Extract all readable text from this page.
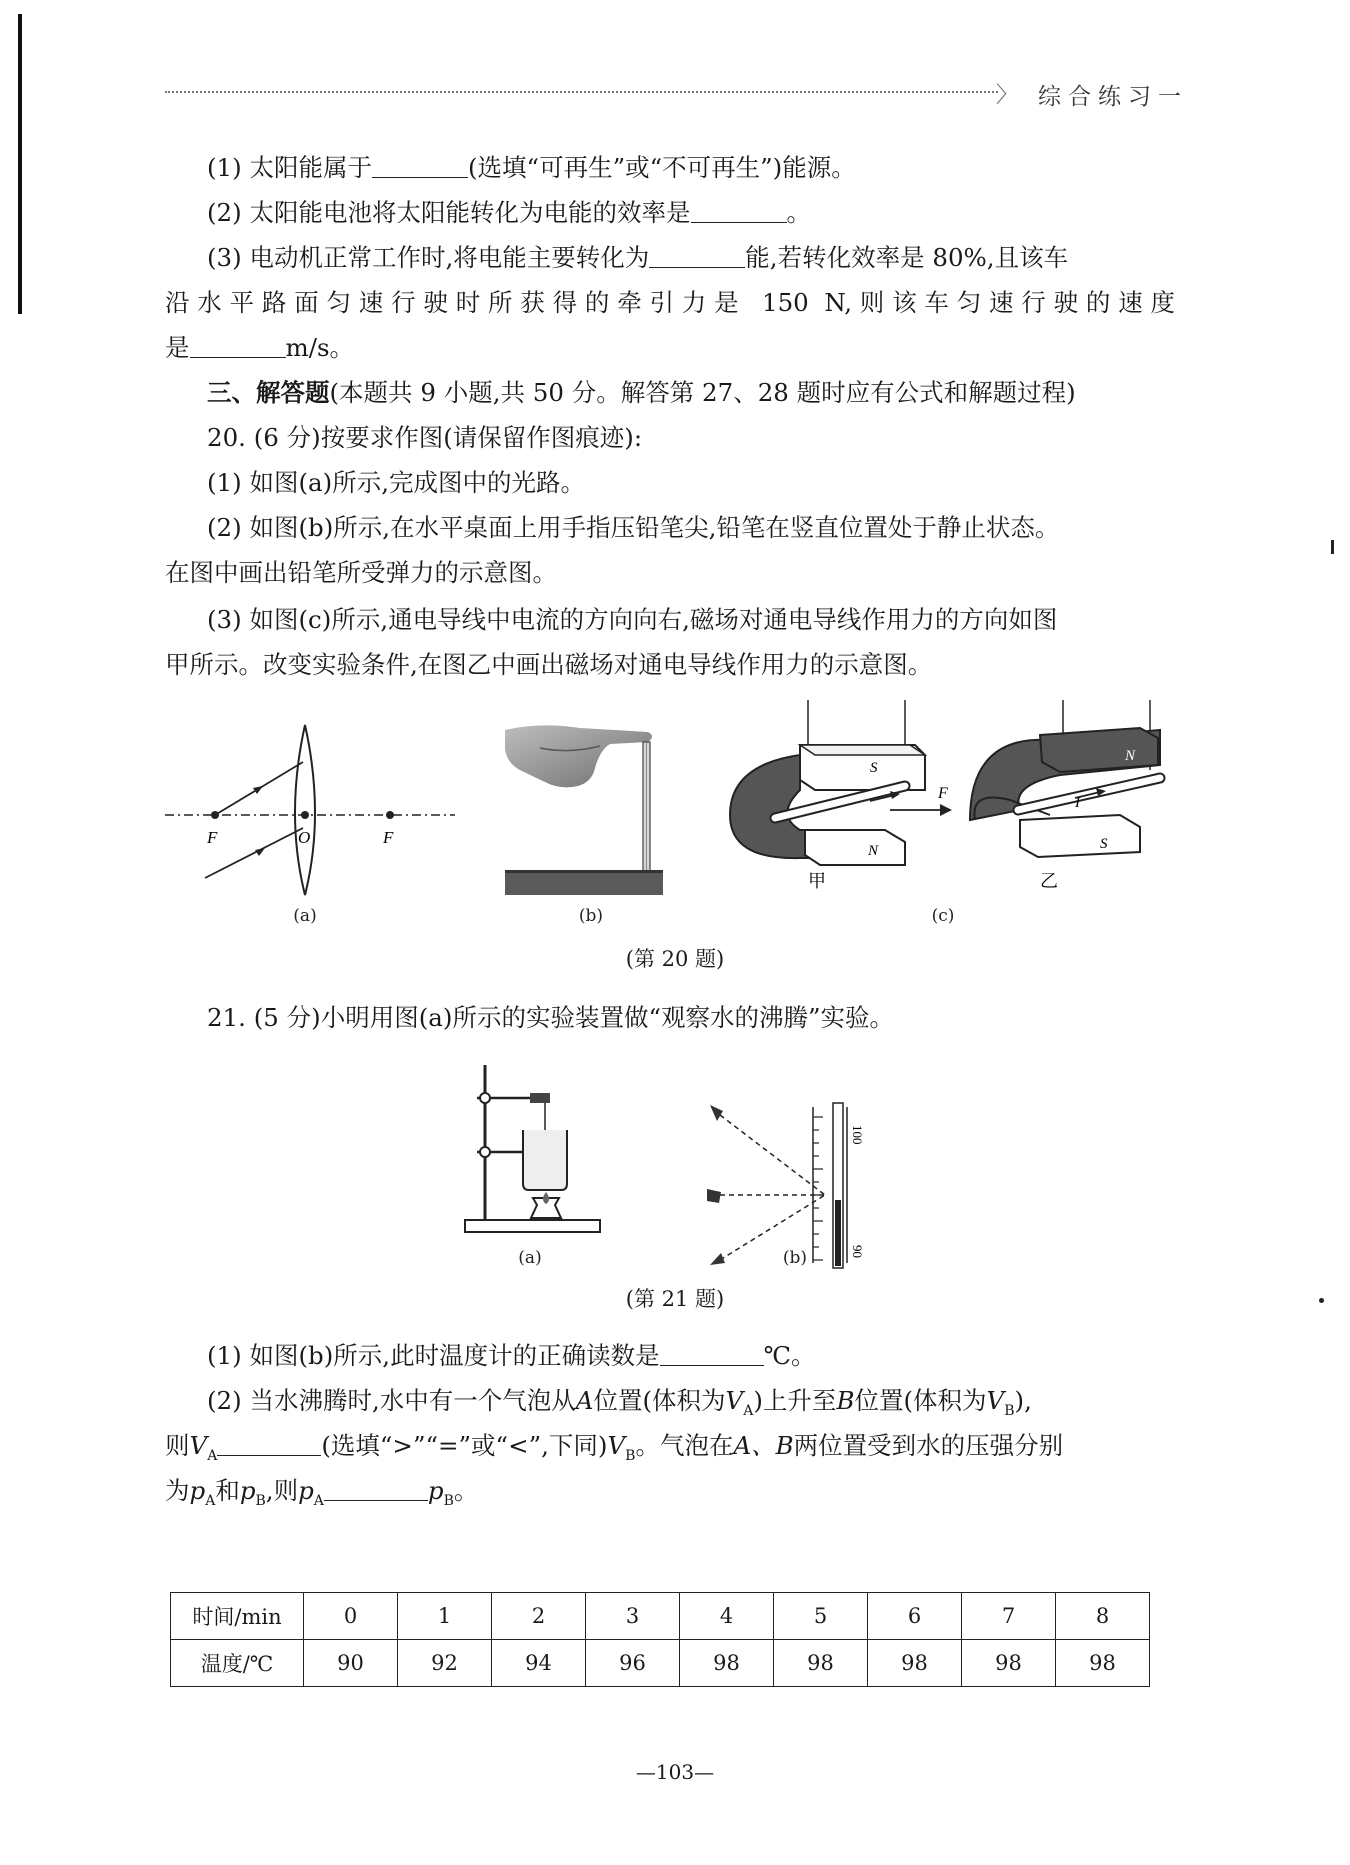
〉 综合练习一
(1) 太阳能属于	(选填“可再生”或“不可再生”)能源。
(2) 太阳能电池将太阳能转化为电能的效率是	。
(3) 电动机正常工作时,将电能主要转化为	能,若转化效率是 80%,且该车
沿水平路面匀速行驶时所获得的牵引力是 150 N,则该车匀速行驶的速度
是	m/s。
三、解答题(本题共 9 小题,共 50 分。解答第 27、28 题时应有公式和解题过程)
20. (6 分)按要求作图(请保留作图痕迹):
(1) 如图(a)所示,完成图中的光路。
(2) 如图(b)所示,在水平桌面上用手指压铅笔尖,铅笔在竖直位置处于静止状态。
在图中画出铅笔所受弹力的示意图。
(3) 如图(c)所示,通电导线中电流的方向向右,磁场对通电导线作用力的方向如图
甲所示。改变实验条件,在图乙中画出磁场对通电导线作用力的示意图。
F	O	F
(a)	(b)
S
N
F
甲
N
I
S
乙
(c)
(第 20 题)
21. (5 分)小明用图(a)所示的实验装置做“观察水的沸腾”实验。
(a)
100
90
(b)
(第 21 题)
(1) 如图(b)所示,此时温度计的正确读数是	℃。
(2) 当水沸腾时,水中有一个气泡从A位置(体积为$V_A$)上升至B位置(体积为$V_B$),
则$V_A$	(选填“>”“=”或“<”,下同)$V_B$。气泡在A、B两位置受到水的压强分别
为$p_A$和$p_B$,则$p_A$	$p_B$。
时间/min	0	1	2	3	4	5	6	7	8
温度/℃	90	92	94	96	98	98	98	98	98
—103—
